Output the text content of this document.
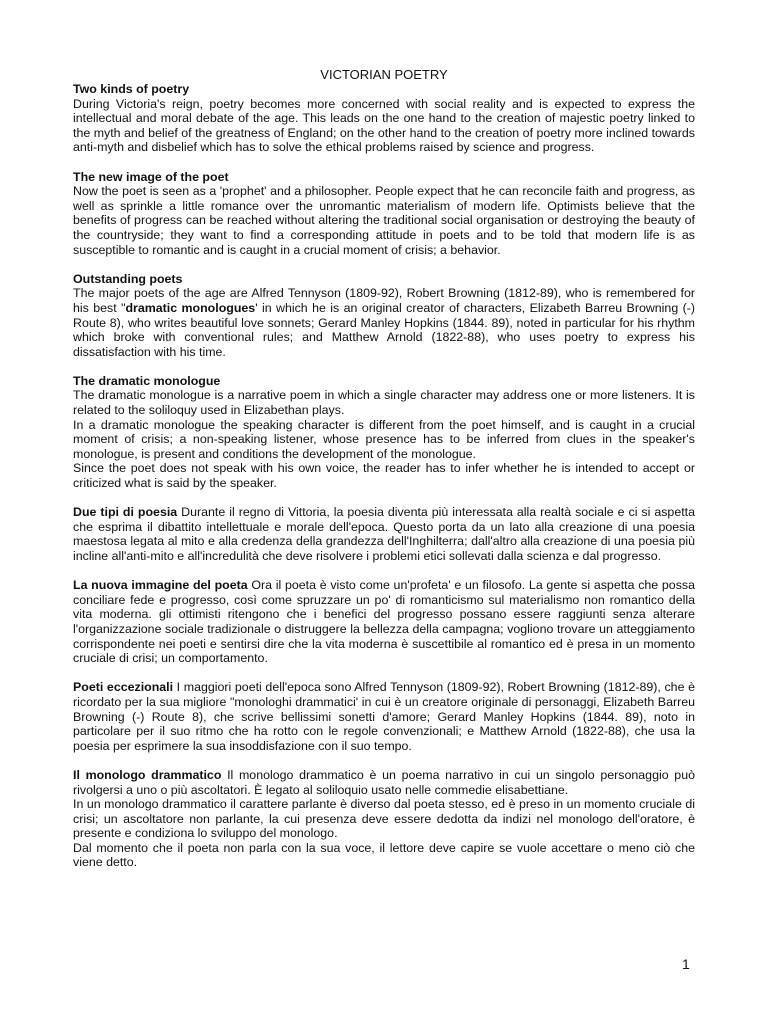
VICTORIAN POETRY
Two kinds of poetry

During Victoria's reign, poetry becomes more concerned with social reality and is expected to express the intellectual and moral debate of the age. This leads on the one hand to the creation of majestic poetry linked to the myth and belief of the greatness of England; on the other hand to the creation of poetry more inclined towards anti-myth and disbelief which has to solve the ethical problems raised by science and progress.

The new image of the poet

Now the poet is seen as a 'prophet' and a philosopher. People expect that he can reconcile faith and progress, as well as sprinkle a little romance over the unromantic materialism of modern life. Optimists believe that the benefits of progress can be reached without altering the traditional social organisation or destroying the beauty of the countryside; they want to find a corresponding attitude in poets and to be told that modern life is as susceptible to romantic and is caught in a crucial moment of crisis; a behavior.

Outstanding poets

The major poets of the age are Alfred Tennyson (1809-92), Robert Browning (1812-89), who is remembered for his best "dramatic monologues' in which he is an original creator of characters, Elizabeth Barreu Browning (-) Route 8), who writes beautiful love sonnets; Gerard Manley Hopkins (1844. 89), noted in particular for his rhythm which broke with conventional rules; and Matthew Arnold (1822-88), who uses poetry to express his dissatisfaction with his time.

The dramatic monologue

The dramatic monologue is a narrative poem in which a single character may address one or more listeners. It is related to the soliloquy used in Elizabethan plays.

In a dramatic monologue the speaking character is different from the poet himself, and is caught in a crucial moment of crisis; a non-speaking listener, whose presence has to be inferred from clues in the speaker's monologue, is present and conditions the development of the monologue.

Since the poet does not speak with his own voice, the reader has to infer whether he is intended to accept or criticized what is said by the speaker.

Due tipi di poesia Durante il regno di Vittoria, la poesia diventa più interessata alla realtà sociale e ci si aspetta che esprima il dibattito intellettuale e morale dell'epoca. Questo porta da un lato alla creazione di una poesia maestosa legata al mito e alla credenza della grandezza dell'Inghilterra; dall'altro alla creazione di una poesia più incline all'anti-mito e all'incredulità che deve risolvere i problemi etici sollevati dalla scienza e dal progresso.

La nuova immagine del poeta Ora il poeta è visto come un'profeta' e un filosofo. La gente si aspetta che possa conciliare fede e progresso, così come spruzzare un po' di romanticismo sul materialismo non romantico della vita moderna. gli ottimisti ritengono che i benefici del progresso possano essere raggiunti senza alterare l'organizzazione sociale tradizionale o distruggere la bellezza della campagna; vogliono trovare un atteggiamento corrispondente nei poeti e sentirsi dire che la vita moderna è suscettibile al romantico ed è presa in un momento cruciale di crisi; un comportamento.

Poeti eccezionali I maggiori poeti dell'epoca sono Alfred Tennyson (1809-92), Robert Browning (1812-89), che è ricordato per la sua migliore "monologhi drammatici' in cui è un creatore originale di personaggi, Elizabeth Barreu Browning (-) Route 8), che scrive bellissimi sonetti d'amore; Gerard Manley Hopkins (1844. 89), noto in particolare per il suo ritmo che ha rotto con le regole convenzionali; e Matthew Arnold (1822-88), che usa la poesia per esprimere la sua insoddisfazione con il suo tempo.

Il monologo drammatico Il monologo drammatico è un poema narrativo in cui un singolo personaggio può rivolgersi a uno o più ascoltatori. È legato al soliloquio usato nelle commedie elisabettiane.

In un monologo drammatico il carattere parlante è diverso dal poeta stesso, ed è preso in un momento cruciale di crisi; un ascoltatore non parlante, la cui presenza deve essere dedotta da indizi nel monologo dell'oratore, è presente e condiziona lo sviluppo del monologo.

Dal momento che il poeta non parla con la sua voce, il lettore deve capire se vuole accettare o meno ciò che viene detto.

1
